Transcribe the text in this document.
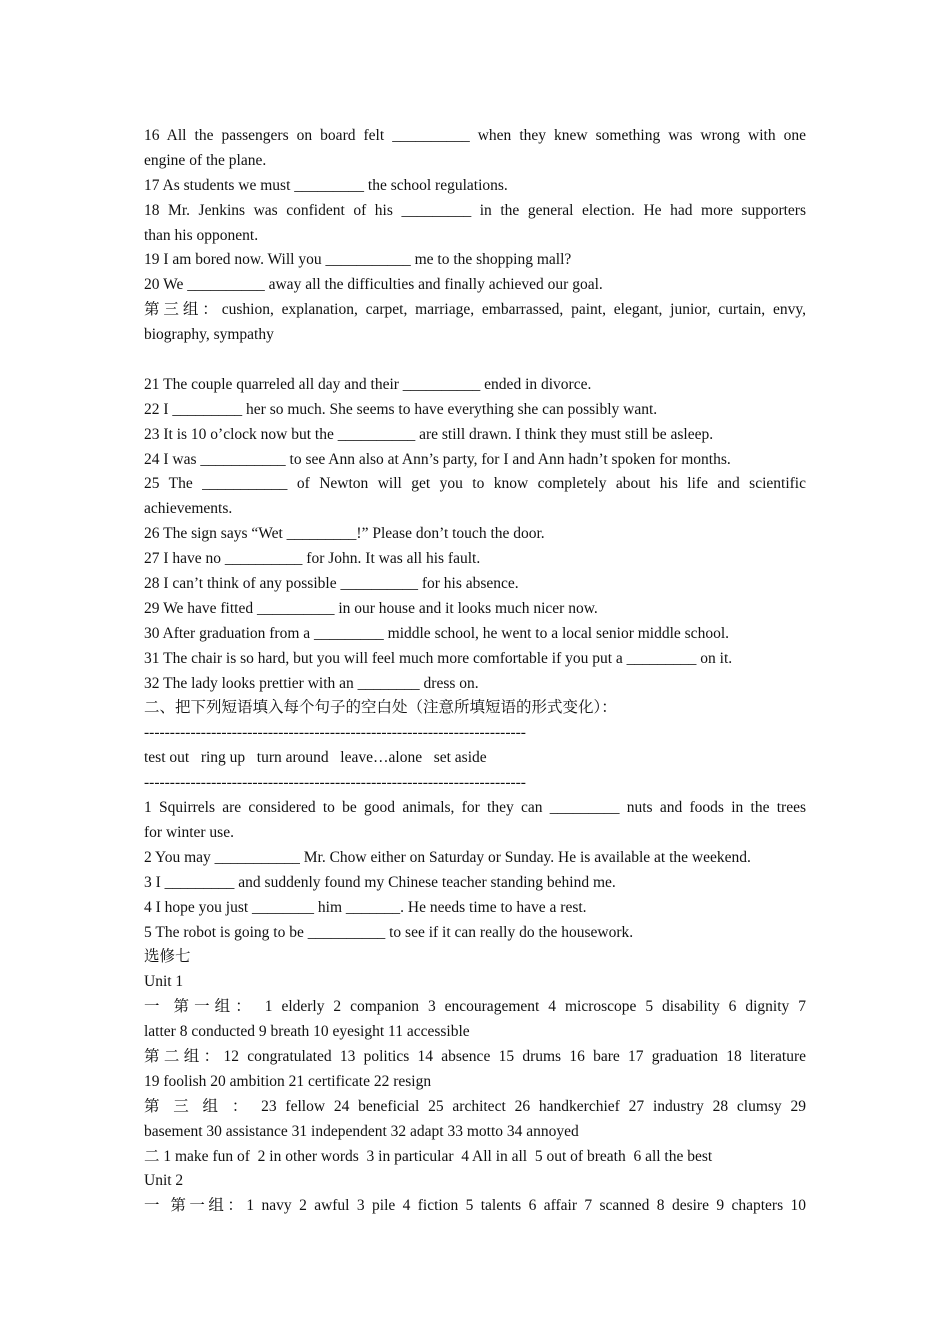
16 All the passengers on board felt __________ when they knew something was wrong with one
engine of the plane.
17 As students we must _________ the school regulations.
18 Mr. Jenkins was confident of his _________ in the general election. He had more supporters
than his opponent.
19 I am bored now. Will you ___________ me to the shopping mall?
20 We __________ away all the difficulties and finally achieved our goal.
第三组：cushion, explanation, carpet, marriage, embarrassed, paint, elegant, junior, curtain, envy,
biography, sympathy
21 The couple quarreled all day and their __________ ended in divorce.
22 I _________ her so much. She seems to have everything she can possibly want.
23 It is 10 o’clock now but the __________ are still drawn. I think they must still be asleep.
24 I was ___________ to see Ann also at Ann’s party, for I and Ann hadn’t spoken for months.
25 The ___________ of Newton will get you to know completely about his life and scientific
achievements.
26 The sign says “Wet _________!” Please don’t touch the door.
27 I have no __________ for John. It was all his fault.
28 I can’t think of any possible __________ for his absence.
29 We have fitted __________ in our house and it looks much nicer now.
30 After graduation from a _________ middle school, he went to a local senior middle school.
31 The chair is so hard, but you will feel much more comfortable if you put a _________ on it.
32 The lady looks prettier with an ________ dress on.
二、把下列短语填入每个句子的空白处（注意所填短语的形式变化）：
--------------------------------------------------------------------------
test out   ring up   turn around   leave…alone   set aside
--------------------------------------------------------------------------
1 Squirrels are considered to be good animals, for they can _________ nuts and foods in the trees
for winter use.
2 You may ___________ Mr. Chow either on Saturday or Sunday. He is available at the weekend.
3 I _________ and suddenly found my Chinese teacher standing behind me.
4 I hope you just ________ him _______. He needs time to have a rest.
5 The robot is going to be __________ to see if it can really do the housework.
选修七
Unit 1
一 第一组： 1 elderly 2 companion 3 encouragement 4 microscope 5 disability 6 dignity 7
latter 8 conducted 9 breath 10 eyesight 11 accessible
第二组：12 congratulated 13 politics 14 absence 15 drums 16 bare 17 graduation 18 literature
19 foolish 20 ambition 21 certificate 22 resign
第 三 组 ： 23 fellow 24 beneficial 25 architect 26 handkerchief 27 industry 28 clumsy 29
basement 30 assistance 31 independent 32 adapt 33 motto 34 annoyed
二 1 make fun of  2 in other words  3 in particular  4 All in all  5 out of breath  6 all the best
Unit 2
一 第一组：1 navy 2 awful 3 pile 4 fiction 5 talents 6 affair 7 scanned 8 desire 9 chapters 10
